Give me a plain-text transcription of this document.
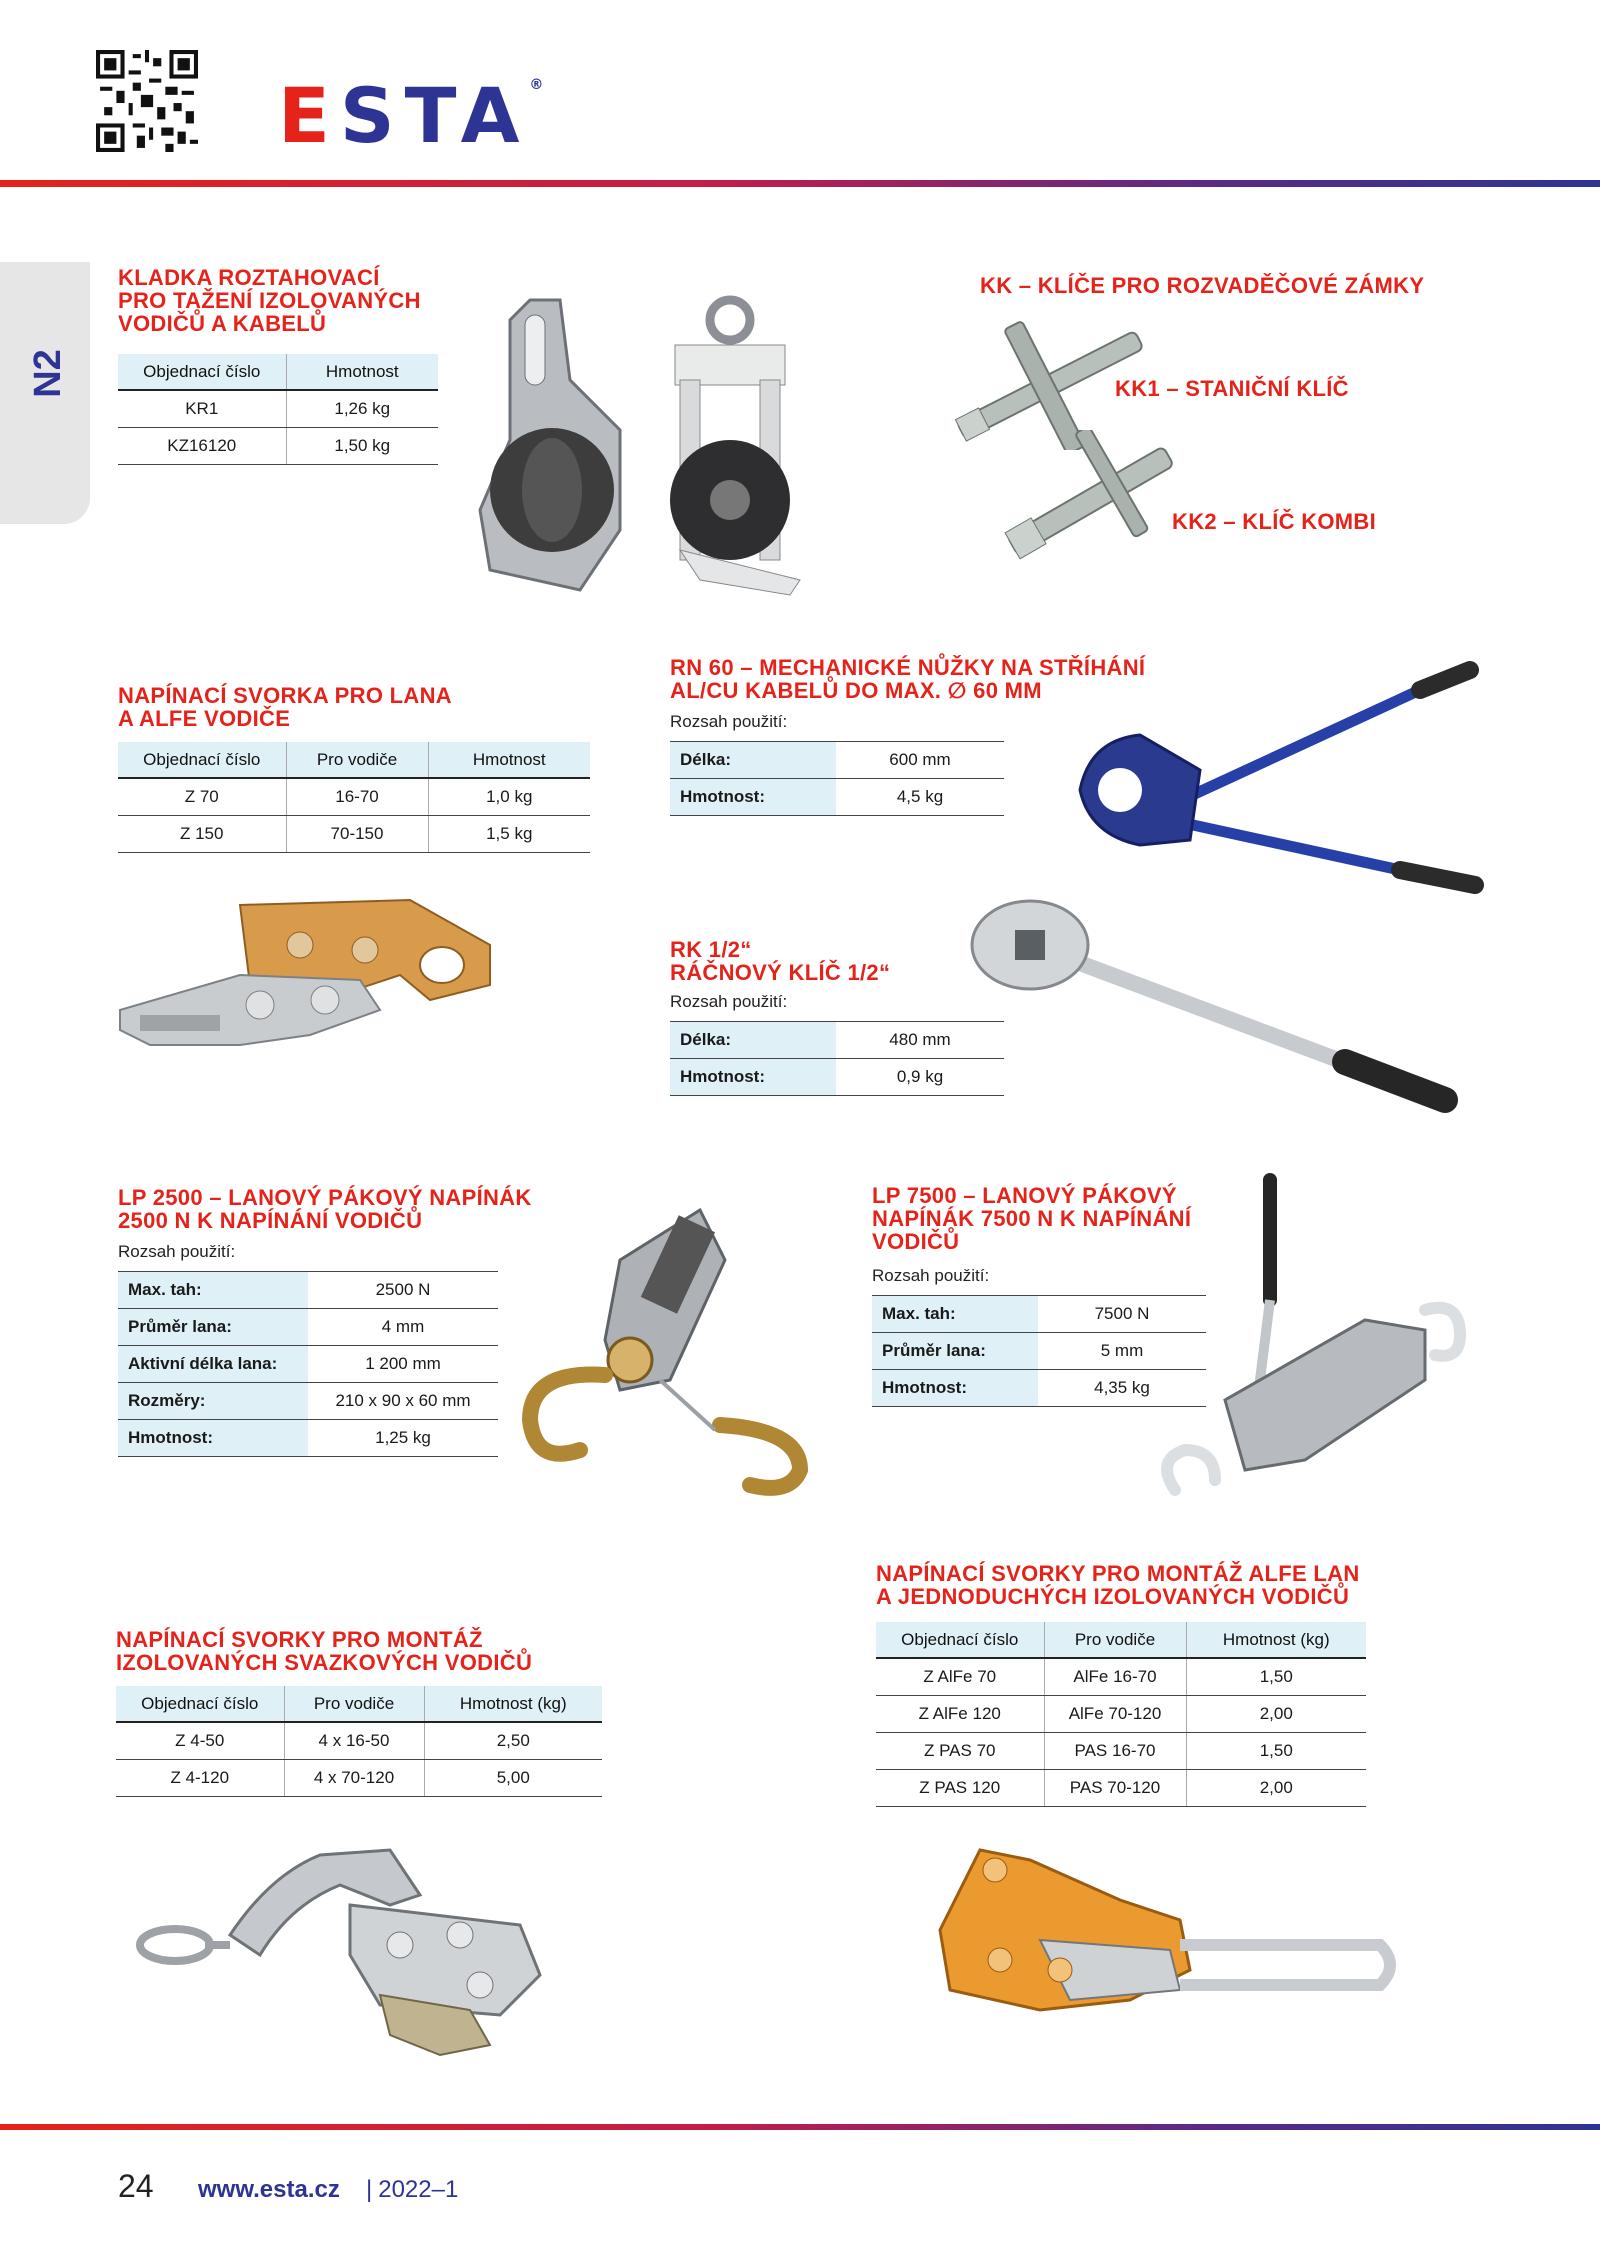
ESTA®
N2
KLADKA ROZTAHOVACÍ
PRO TAŽENÍ IZOLOVANÝCH
VODIČŮ A KABELŮ
Objednací číslo	Hmotnost
KR1	1,26 kg
KZ16120	1,50 kg
KK – KLÍČE PRO ROZVADĚČOVÉ ZÁMKY
KK1 – STANIČNÍ KLÍČ
KK2 – KLÍČ KOMBI
NAPÍNACÍ SVORKA PRO LANA
A ALFE VODIČE
Objednací číslo	Pro vodiče	Hmotnost
Z 70	16-70	1,0 kg
Z 150	70-150	1,5 kg
RN 60 – MECHANICKÉ NŮŽKY NA STŘÍHÁNÍ
AL/CU KABELŮ DO MAX. ∅ 60 MM
Rozsah použití:
Délka:	600 mm
Hmotnost:	4,5 kg
RK 1/2“
RÁČNOVÝ KLÍČ 1/2“
Rozsah použití:
Délka:	480 mm
Hmotnost:	0,9 kg
LP 2500 – LANOVÝ PÁKOVÝ NAPÍNÁK
2500 N K NAPÍNÁNÍ VODIČŮ
Rozsah použití:
Max. tah:	2500 N
Průměr lana:	4 mm
Aktivní délka lana:	1 200 mm
Rozměry:	210 x 90 x 60 mm
Hmotnost:	1,25 kg
LP 7500 – LANOVÝ PÁKOVÝ
NAPÍNÁK 7500 N K NAPÍNÁNÍ
VODIČŮ
Rozsah použití:
Max. tah:	7500 N
Průměr lana:	5 mm
Hmotnost:	4,35 kg
NAPÍNACÍ SVORKY PRO MONTÁŽ
IZOLOVANÝCH SVAZKOVÝCH VODIČŮ
Objednací číslo	Pro vodiče	Hmotnost (kg)
Z 4-50	4 x 16-50	2,50
Z 4-120	4 x 70-120	5,00
NAPÍNACÍ SVORKY PRO MONTÁŽ ALFE LAN
A JEDNODUCHÝCH IZOLOVANÝCH VODIČŮ
Objednací číslo	Pro vodiče	Hmotnost (kg)
Z AlFe 70	AlFe 16-70	1,50
Z AlFe 120	AlFe 70-120	2,00
Z PAS 70	PAS 16-70	1,50
Z PAS 120	PAS 70-120	2,00
24 www.esta.cz | 2022–1
